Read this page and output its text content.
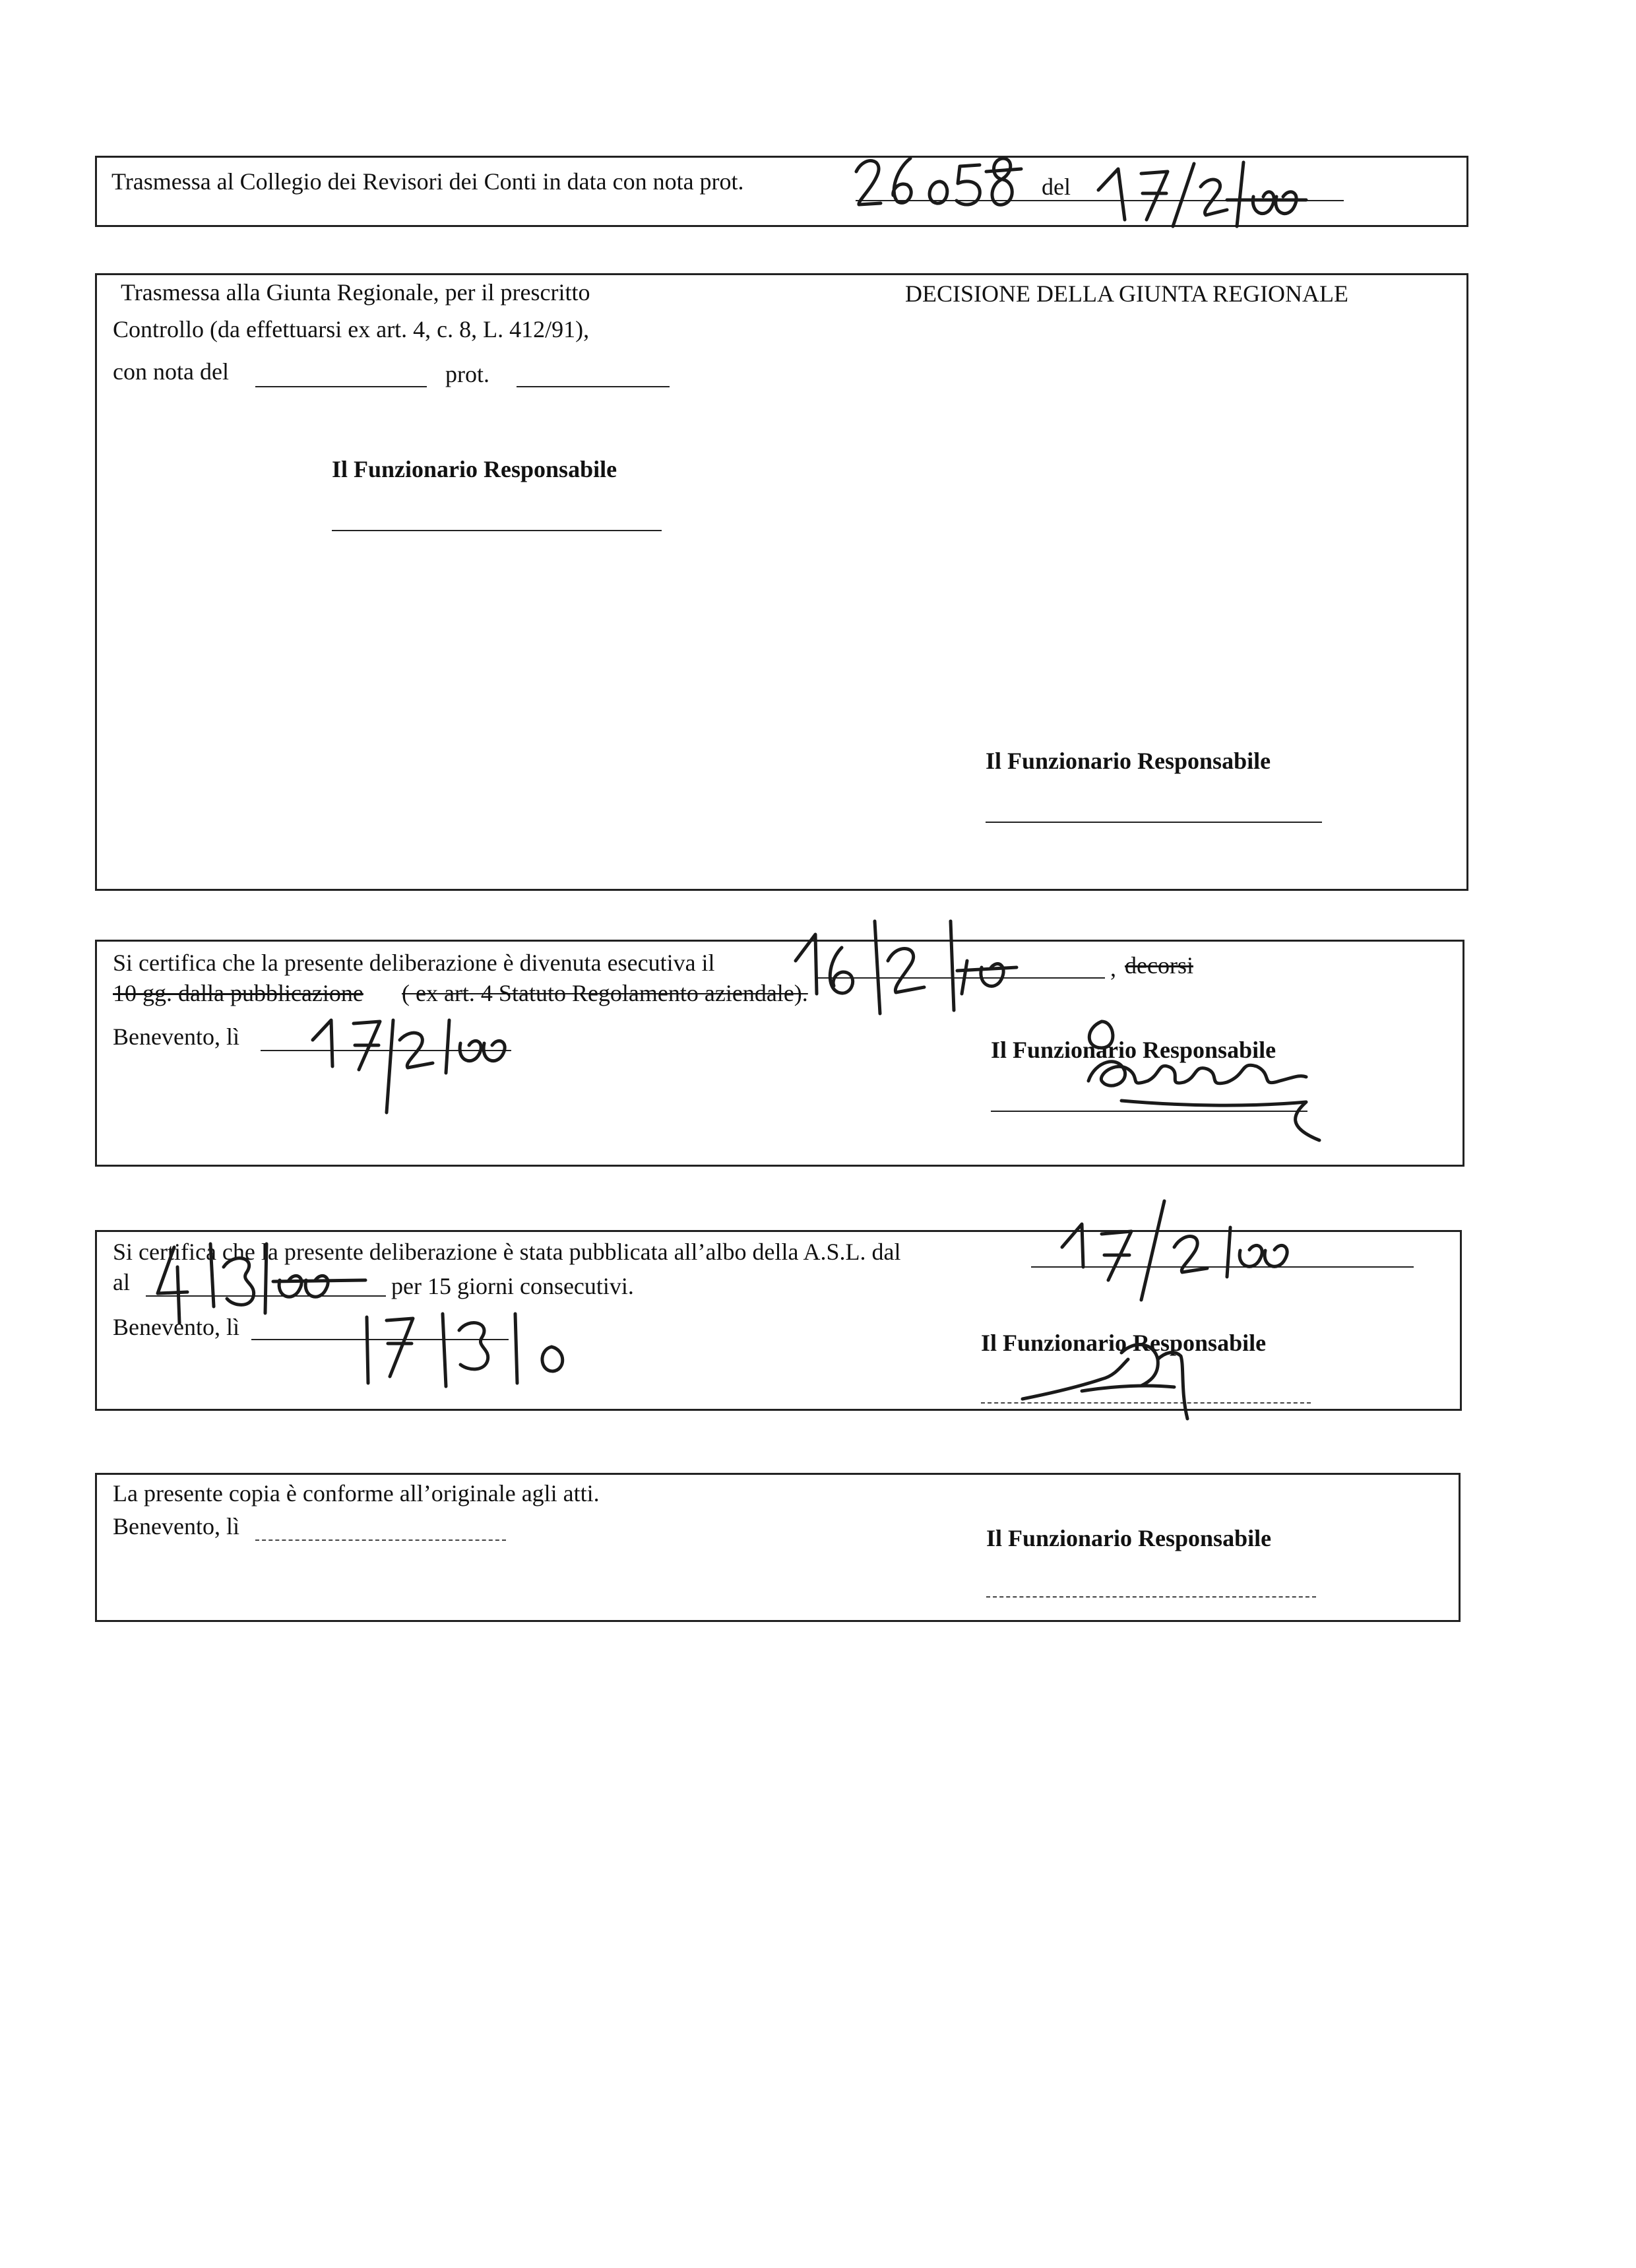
Trasmessa al Collegio dei Revisori dei Conti in data con nota prot.	del
Trasmessa alla Giunta Regionale, per il prescritto
Controllo (da effettuarsi ex art. 4, c. 8, L. 412/91),
con nota del	prot.
Il Funzionario Responsabile
DECISIONE DELLA GIUNTA REGIONALE
Il Funzionario Responsabile
Si certifica che la presente deliberazione è divenuta esecutiva il	, decorsi
10 gg. dalla pubblicazione ( ex art. 4 Statuto Regolamento aziendale).
Benevento, lì	Il Funzionario Responsabile
Si certifica che la presente deliberazione è stata pubblicata all’albo della A.S.L. dal
al	per 15 giorni consecutivi.
Benevento, lì
Il Funzionario Responsabile
La presente copia è conforme all’originale agli atti.
Benevento, lì	Il Funzionario Responsabile
